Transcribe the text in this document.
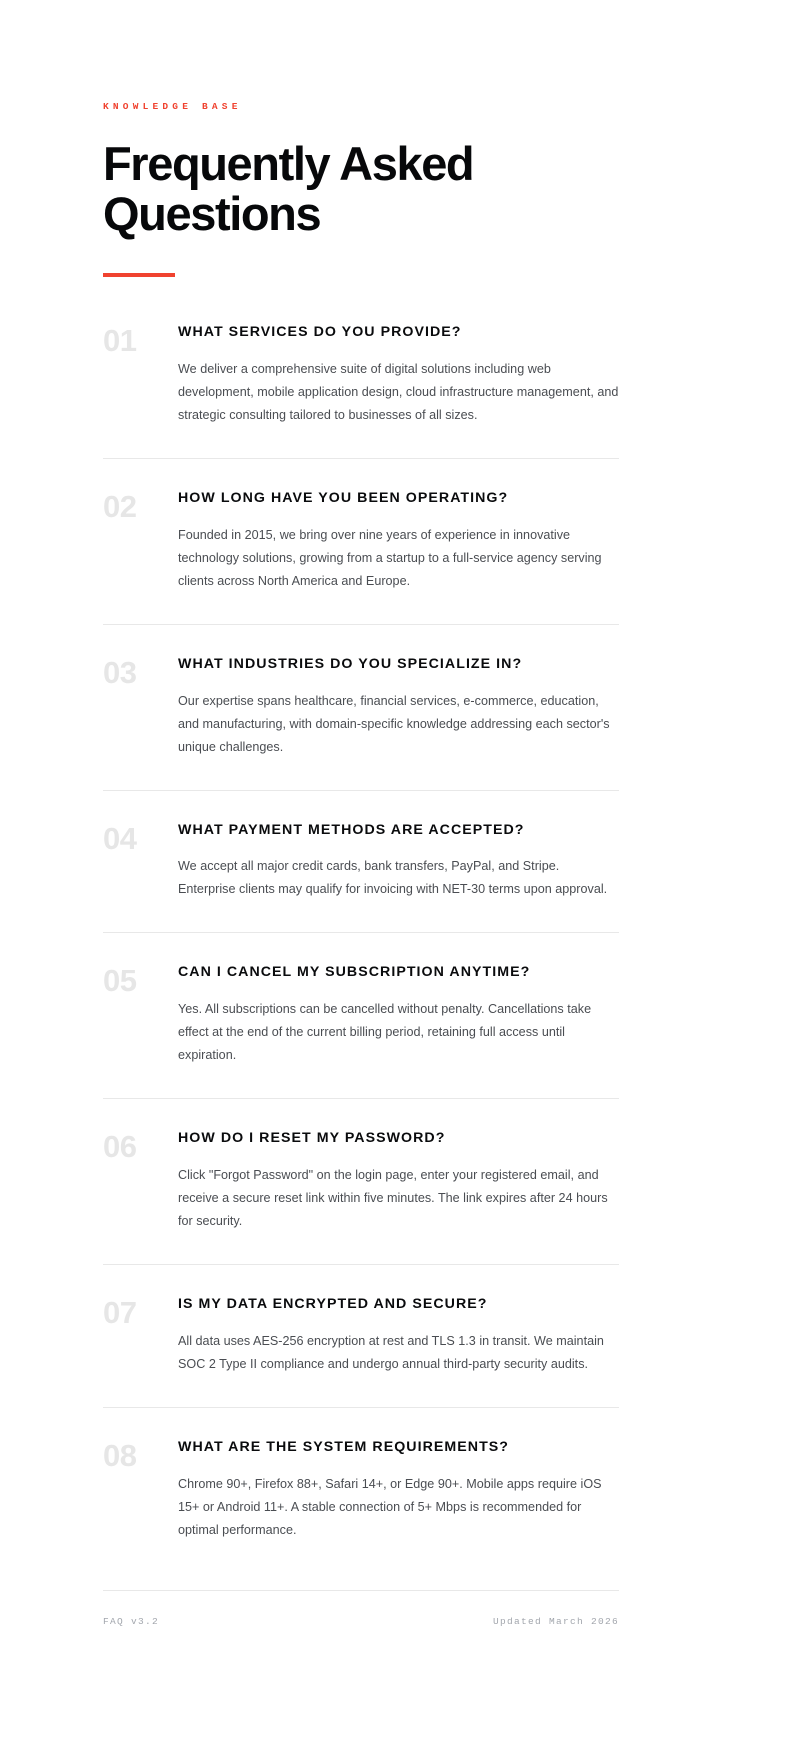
KNOWLEDGE BASE
Frequently Asked Questions
01	WHAT SERVICES DO YOU PROVIDE?
We deliver a comprehensive suite of digital solutions including web development, mobile application design, cloud infrastructure management, and strategic consulting tailored to businesses of all sizes.
02	HOW LONG HAVE YOU BEEN OPERATING?
Founded in 2015, we bring over nine years of experience in innovative technology solutions, growing from a startup to a full-service agency serving clients across North America and Europe.
03	WHAT INDUSTRIES DO YOU SPECIALIZE IN?
Our expertise spans healthcare, financial services, e-commerce, education, and manufacturing, with domain-specific knowledge addressing each sector's unique challenges.
04	WHAT PAYMENT METHODS ARE ACCEPTED?
We accept all major credit cards, bank transfers, PayPal, and Stripe. Enterprise clients may qualify for invoicing with NET-30 terms upon approval.
05	CAN I CANCEL MY SUBSCRIPTION ANYTIME?
Yes. All subscriptions can be cancelled without penalty. Cancellations take effect at the end of the current billing period, retaining full access until expiration.
06	HOW DO I RESET MY PASSWORD?
Click "Forgot Password" on the login page, enter your registered email, and receive a secure reset link within five minutes. The link expires after 24 hours for security.
07	IS MY DATA ENCRYPTED AND SECURE?
All data uses AES-256 encryption at rest and TLS 1.3 in transit. We maintain SOC 2 Type II compliance and undergo annual third-party security audits.
08	WHAT ARE THE SYSTEM REQUIREMENTS?
Chrome 90+, Firefox 88+, Safari 14+, or Edge 90+. Mobile apps require iOS 15+ or Android 11+. A stable connection of 5+ Mbps is recommended for optimal performance.
FAQ v3.2	Updated March 2026
